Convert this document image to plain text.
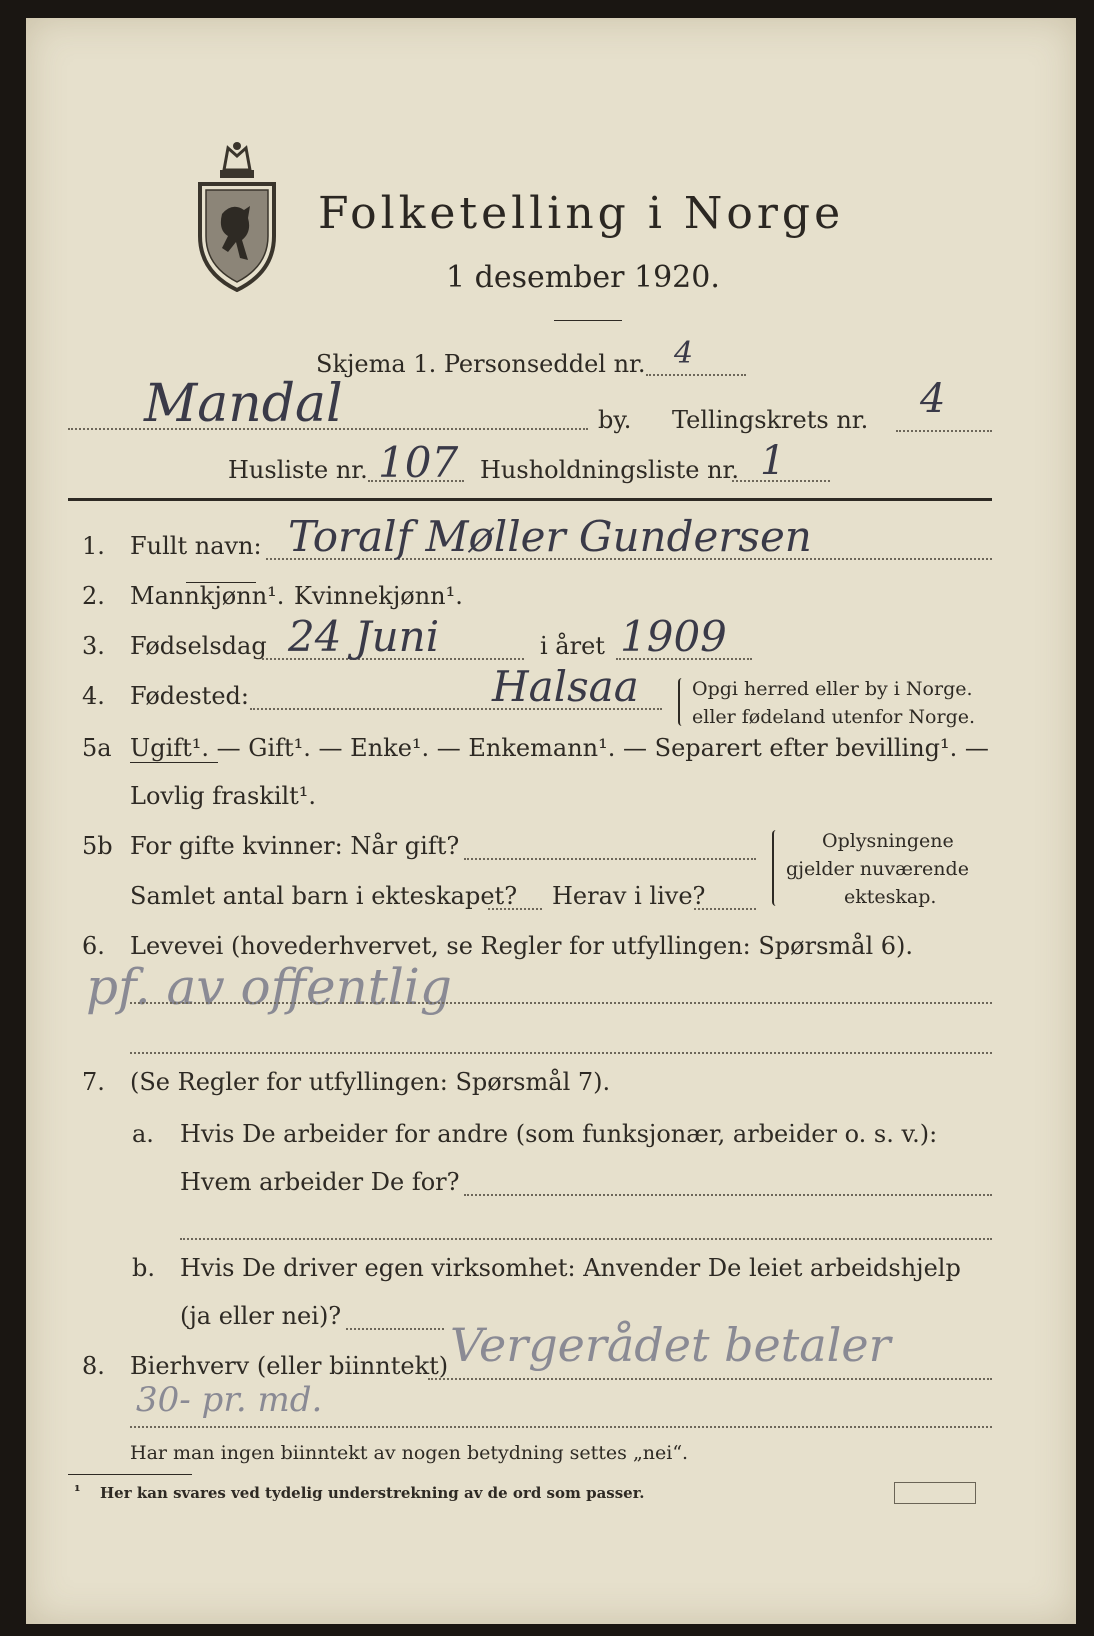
Folketelling i Norge
1 desember 1920.
Skjema 1. Personseddel nr. 4
Mandal	by. Tellingskrets nr. 4
Husliste nr. 107 Husholdningsliste nr. 1
1. Fullt navn: Toralf Møller Gundersen
2. Mannkjønn¹. Kvinnekjønn¹.
3. Fødselsdag 24 Juni	i året 1909
4. Fødested:	Halsaa	Opgi herred eller by i Norge.
eller fødeland utenfor Norge.
5a Ugift¹. — Gift¹. — Enke¹. — Enkemann¹. — Separert efter bevilling¹. —
Lovlig fraskilt¹.
5b For gifte kvinner: Når gift?
Samlet antal barn i ekteskapet? Herav i live?
Oplysningene
gjelder nuværende
ekteskap.
6. Levevei (hovederhvervet, se Regler for utfyllingen: Spørsmål 6).
pf. av offentlig
7. (Se Regler for utfyllingen: Spørsmål 7).
a. Hvis De arbeider for andre (som funksjonær, arbeider o. s. v.):
Hvem arbeider De for?
b. Hvis De driver egen virksomhet: Anvender De leiet arbeidshjelp
(ja eller nei)?
8. Bierhverv (eller biinntekt) Vergerådet betaler
30- pr. md.
Har man ingen biinntekt av nogen betydning settes „nei“.
¹ Her kan svares ved tydelig understrekning av de ord som passer.
